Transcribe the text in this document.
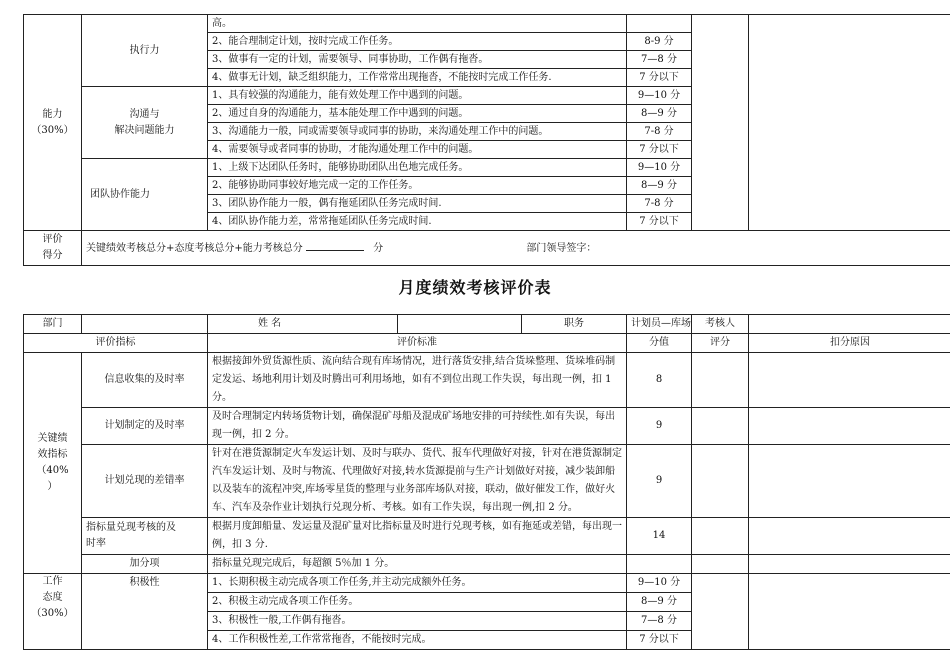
能力
（30%）	执行力	高。			
		2、能合理制定计划，按时完成工作任务。	8-9 分		
		3、做事有一定的计划，需要领导、同事协助，工作偶有拖沓。	7—8 分		
		4、做事无计划，缺乏组织能力，工作常常出现拖沓，不能按时完成工作任务.	7 分以下		

	沟通与
解决问题能力	1、具有较强的沟通能力，能有效处理工作中遇到的问题。	9—10 分		
		2、通过自身的沟通能力，基本能处理工作中遇到的问题。	8—9 分		
		3、沟通能力一般，同或需要领导或同事的协助，来沟通处理工作中的问题。	7-8 分		
		4、需要领导或者同事的协助，才能沟通处理工作中的问题。	7 分以下		
	团队协作能力	1、上级下达团队任务时，能够协助团队出色地完成任务。	9—10 分		
		2、能够协助同事较好地完成一定的工作任务。	8—9 分		
		3、团队协作能力一般，偶有拖延团队任务完成时间.	7-8 分		
		4、团队协作能力差，常常拖延团队任务完成时间.	7 分以下		

评价
得分	关键绩效考核总分+态度考核总分+能力考核总分 分 部门领导签字：				
月度绩效考核评价表
部门		姓 名		职务	计划员—库场	考核人	
评价指标		评价标准			分值	评分	扣分原因

关键绩
效指标
（40%
）	信息收集的及时率	根据接卸外贸货源性质、流向结合现有库场情况，进行落货安排,结合货垛整理、货垛堆码制定发运、场地利用计划及时腾出可利用场地，如有不到位出现工作失误，每出现一例，扣 1 分。			8		
	计划制定的及时率	及时合理制定内转场货物计划，确保混矿母船及混成矿场地安排的可持续性.如有失误，每出现一例，扣 2 分。			9		
	计划兑现的差错率	针对在港货源制定火车发运计划、及时与联办、货代、报车代理做好对接，针对在港货源制定汽车发运计划、及时与物流、代理做好对接,转水货源提前与生产计划做好对接，减少装卸船以及装车的流程冲突,库场零星货的整理与业务部库场队对接，联动，做好催发工作，做好火车、汽车及杂作业计划执行兑现分析、考核。如有工作失误，每出现一例,扣 2 分。			9		

	指标量兑现考核的及
时率	根据月度卸船量、发运量及混矿量对比指标量及时进行兑现考核，如有拖延或差错，每出现一例，扣 3 分.			14		
	加分项	指标量兑现完成后，每超额 5％加 1 分。					

工作
态度
（30%）	积极性	1、长期积极主动完成各项工作任务,并主动完成额外任务。			9—10 分		
		2、积极主动完成各项工作任务。			8—9 分		
		3、积极性一般,工作偶有拖沓。			7—8 分		
		4、工作积极性差,工作常常拖沓，不能按时完成。			7 分以下		
